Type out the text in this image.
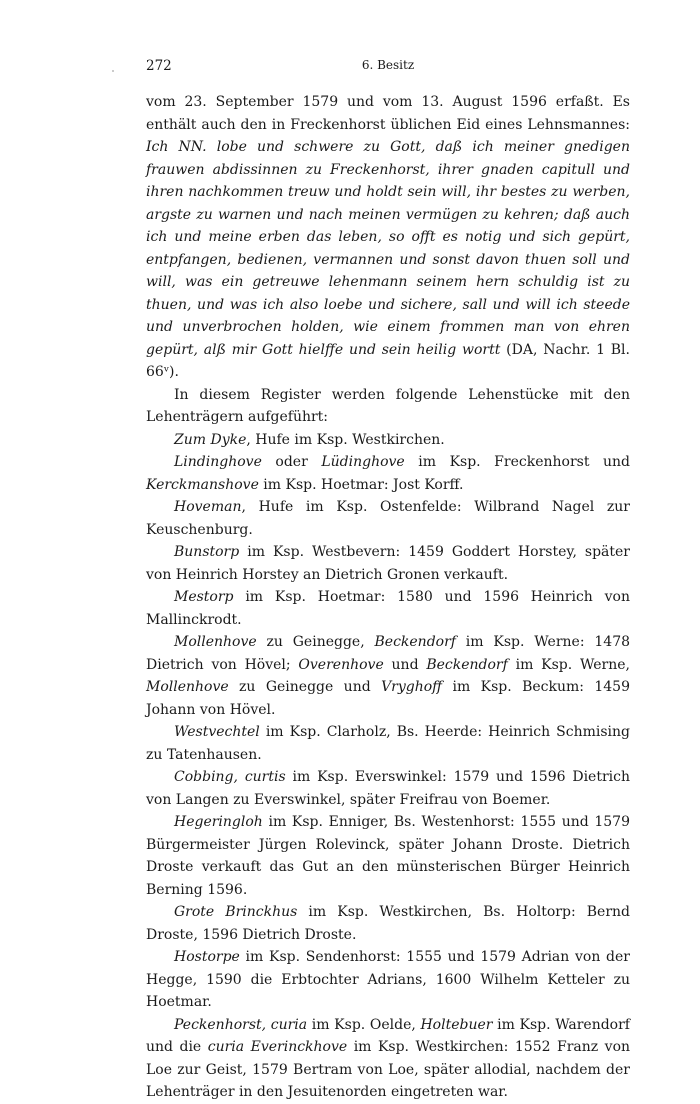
272	6. Besitz

vom 23. September 1579 und vom 13. August 1596 erfaßt. Es enthält auch den in Freckenhorst üblichen Eid eines Lehnsmannes: Ich NN. lobe und schwere zu Gott, daß ich meiner gnedigen frauwen abdissinnen zu Freckenhorst, ihrer gnaden capitull und ihren nachkommen treuw und holdt sein will, ihr bestes zu werben, argste zu warnen und nach meinen vermügen zu kehren; daß auch ich und meine erben das leben, so offt es notig und sich gepürt, entpfangen, bedienen, vermannen und sonst davon thuen soll und will, was ein getreuwe lehenmann seinem hern schuldig ist zu thuen, und was ich also loebe und sichere, sall und will ich steede und unverbrochen holden, wie einem frommen man von ehren gepürt, alß mir Gott hielffe und sein heilig wortt (DA, Nachr. 1 Bl. 66ᵛ).

In diesem Register werden folgende Lehenstücke mit den Lehenträgern aufgeführt:

Zum Dyke, Hufe im Ksp. Westkirchen.

Lindinghove oder Lüdinghove im Ksp. Freckenhorst und Kerckmanshove im Ksp. Hoetmar: Jost Korff.

Hoveman, Hufe im Ksp. Ostenfelde: Wilbrand Nagel zur Keuschenburg.

Bunstorp im Ksp. Westbevern: 1459 Goddert Horstey, später von Heinrich Horstey an Dietrich Gronen verkauft.

Mestorp im Ksp. Hoetmar: 1580 und 1596 Heinrich von Mallinckrodt.

Mollenhove zu Geinegge, Beckendorf im Ksp. Werne: 1478 Dietrich von Hövel; Overenhove und Beckendorf im Ksp. Werne, Mollenhove zu Geinegge und Vryghoff im Ksp. Beckum: 1459 Johann von Hövel.

Westvechtel im Ksp. Clarholz, Bs. Heerde: Heinrich Schmising zu Tatenhausen.

Cobbing, curtis im Ksp. Everswinkel: 1579 und 1596 Dietrich von Langen zu Everswinkel, später Freifrau von Boemer.

Hegeringloh im Ksp. Enniger, Bs. Westenhorst: 1555 und 1579 Bürgermeister Jürgen Rolevinck, später Johann Droste. Dietrich Droste verkauft das Gut an den münsterischen Bürger Heinrich Berning 1596.

Grote Brinckhus im Ksp. Westkirchen, Bs. Holtorp: Bernd Droste, 1596 Dietrich Droste.

Hostorpe im Ksp. Sendenhorst: 1555 und 1579 Adrian von der Hegge, 1590 die Erbtochter Adrians, 1600 Wilhelm Ketteler zu Hoetmar.

Peckenhorst, curia im Ksp. Oelde, Holtebuer im Ksp. Warendorf und die curia Everinckhove im Ksp. Westkirchen: 1552 Franz von Loe zur Geist, 1579 Bertram von Loe, später allodial, nachdem der Lehenträger in den Jesuitenorden eingetreten war.
